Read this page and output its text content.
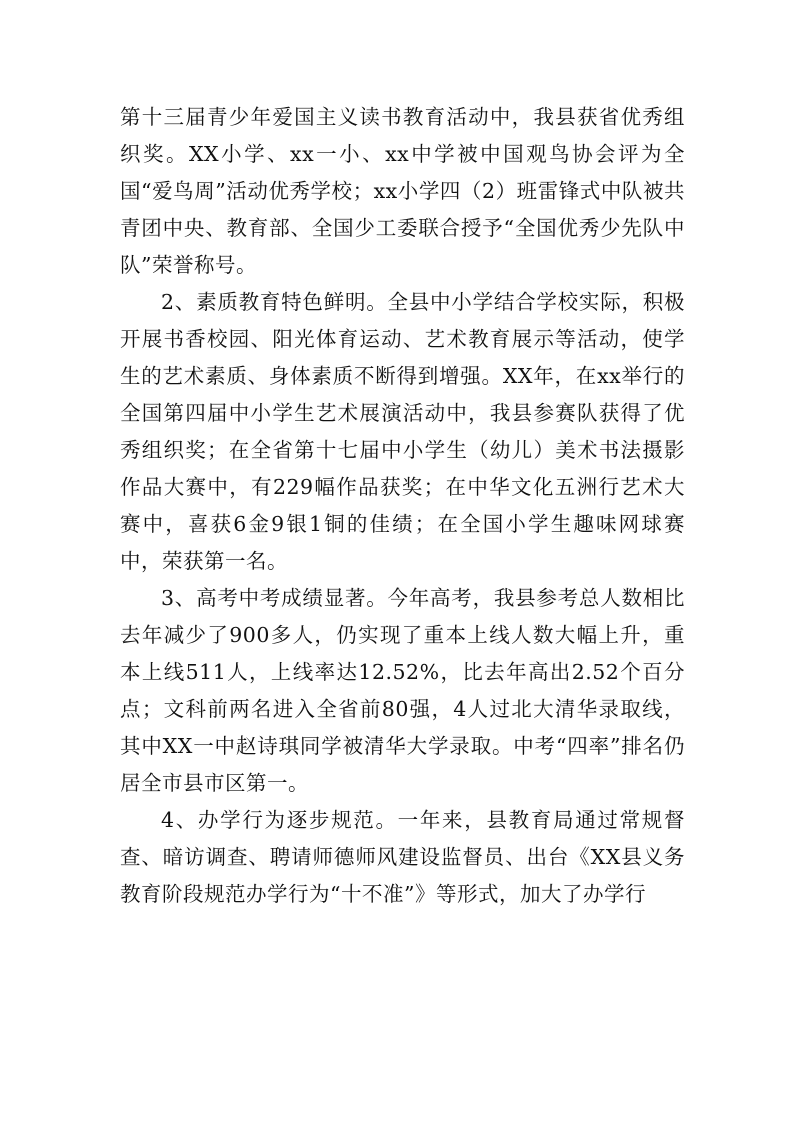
第十三届青少年爱国主义读书教育活动中，我县获省优秀组织奖。XX小学、xx一小、xx中学被中国观鸟协会评为全国“爱鸟周”活动优秀学校；xx小学四（2）班雷锋式中队被共青团中央、教育部、全国少工委联合授予“全国优秀少先队中队”荣誉称号。

2、素质教育特色鲜明。全县中小学结合学校实际，积极开展书香校园、阳光体育运动、艺术教育展示等活动，使学生的艺术素质、身体素质不断得到增强。XX年，在xx举行的全国第四届中小学生艺术展演活动中，我县参赛队获得了优秀组织奖；在全省第十七届中小学生（幼儿）美术书法摄影作品大赛中，有229幅作品获奖；在中华文化五洲行艺术大赛中，喜获6金9银1铜的佳绩；在全国小学生趣味网球赛中，荣获第一名。

3、高考中考成绩显著。今年高考，我县参考总人数相比去年减少了900多人，仍实现了重本上线人数大幅上升，重本上线511人，上线率达12.52%，比去年高出2.52个百分点；文科前两名进入全省前80强，4人过北大清华录取线，其中XX一中赵诗琪同学被清华大学录取。中考“四率”排名仍居全市县市区第一。

4、办学行为逐步规范。一年来，县教育局通过常规督查、暗访调查、聘请师德师风建设监督员、出台《XX县义务教育阶段规范办学行为“十不准”》等形式，加大了办学行
